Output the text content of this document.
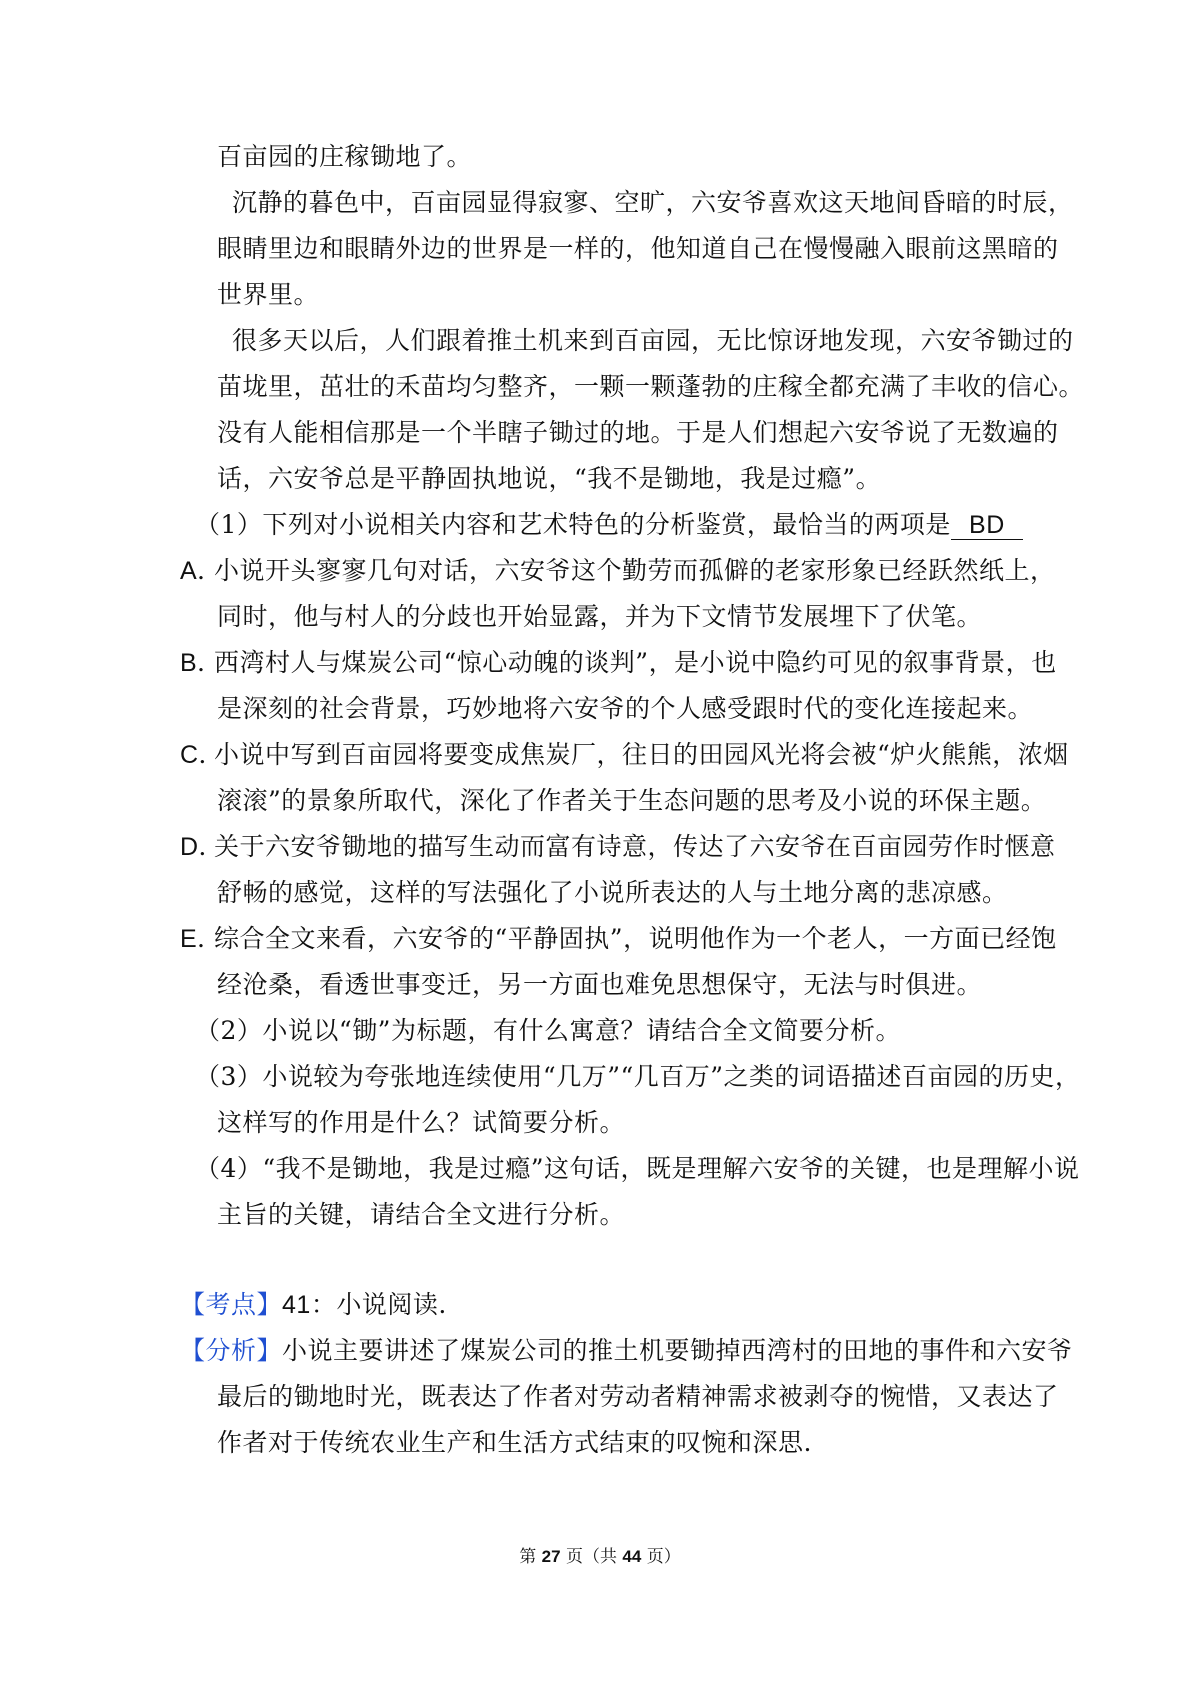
百亩园的庄稼锄地了。
沉静的暮色中，百亩园显得寂寥、空旷，六安爷喜欢这天地间昏暗的时辰，
眼睛里边和眼睛外边的世界是一样的，他知道自己在慢慢融入眼前这黑暗的
世界里。
很多天以后，人们跟着推土机来到百亩园，无比惊讶地发现，六安爷锄过的
苗垅里，茁壮的禾苗均匀整齐，一颗一颗蓬勃的庄稼全都充满了丰收的信心。
没有人能相信那是一个半瞎子锄过的地。于是人们想起六安爷说了无数遍的
话，六安爷总是平静固执地说，“我不是锄地，我是过瘾”。
（1）下列对小说相关内容和艺术特色的分析鉴赏，最恰当的两项是 BD
A．小说开头寥寥几句对话，六安爷这个勤劳而孤僻的老家形象已经跃然纸上，
同时，他与村人的分歧也开始显露，并为下文情节发展埋下了伏笔。
B．西湾村人与煤炭公司“惊心动魄的谈判”，是小说中隐约可见的叙事背景，也
是深刻的社会背景，巧妙地将六安爷的个人感受跟时代的变化连接起来。
C．小说中写到百亩园将要变成焦炭厂，往日的田园风光将会被“炉火熊熊，浓烟
滚滚”的景象所取代，深化了作者关于生态问题的思考及小说的环保主题。
D．关于六安爷锄地的描写生动而富有诗意，传达了六安爷在百亩园劳作时惬意
舒畅的感觉，这样的写法强化了小说所表达的人与土地分离的悲凉感。
E．综合全文来看，六安爷的“平静固执”，说明他作为一个老人，一方面已经饱
经沧桑，看透世事变迁，另一方面也难免思想保守，无法与时俱进。
（2）小说以“锄”为标题，有什么寓意？请结合全文简要分析。
（3）小说较为夸张地连续使用“几万”“几百万”之类的词语描述百亩园的历史，
这样写的作用是什么？试简要分析。
（4）“我不是锄地，我是过瘾”这句话，既是理解六安爷的关键，也是理解小说
主旨的关键，请结合全文进行分析。
【考点】41：小说阅读.
【分析】小说主要讲述了煤炭公司的推土机要锄掉西湾村的田地的事件和六安爷
最后的锄地时光，既表达了作者对劳动者精神需求被剥夺的惋惜，又表达了
作者对于传统农业生产和生活方式结束的叹惋和深思.
第 27 页（共 44 页）
